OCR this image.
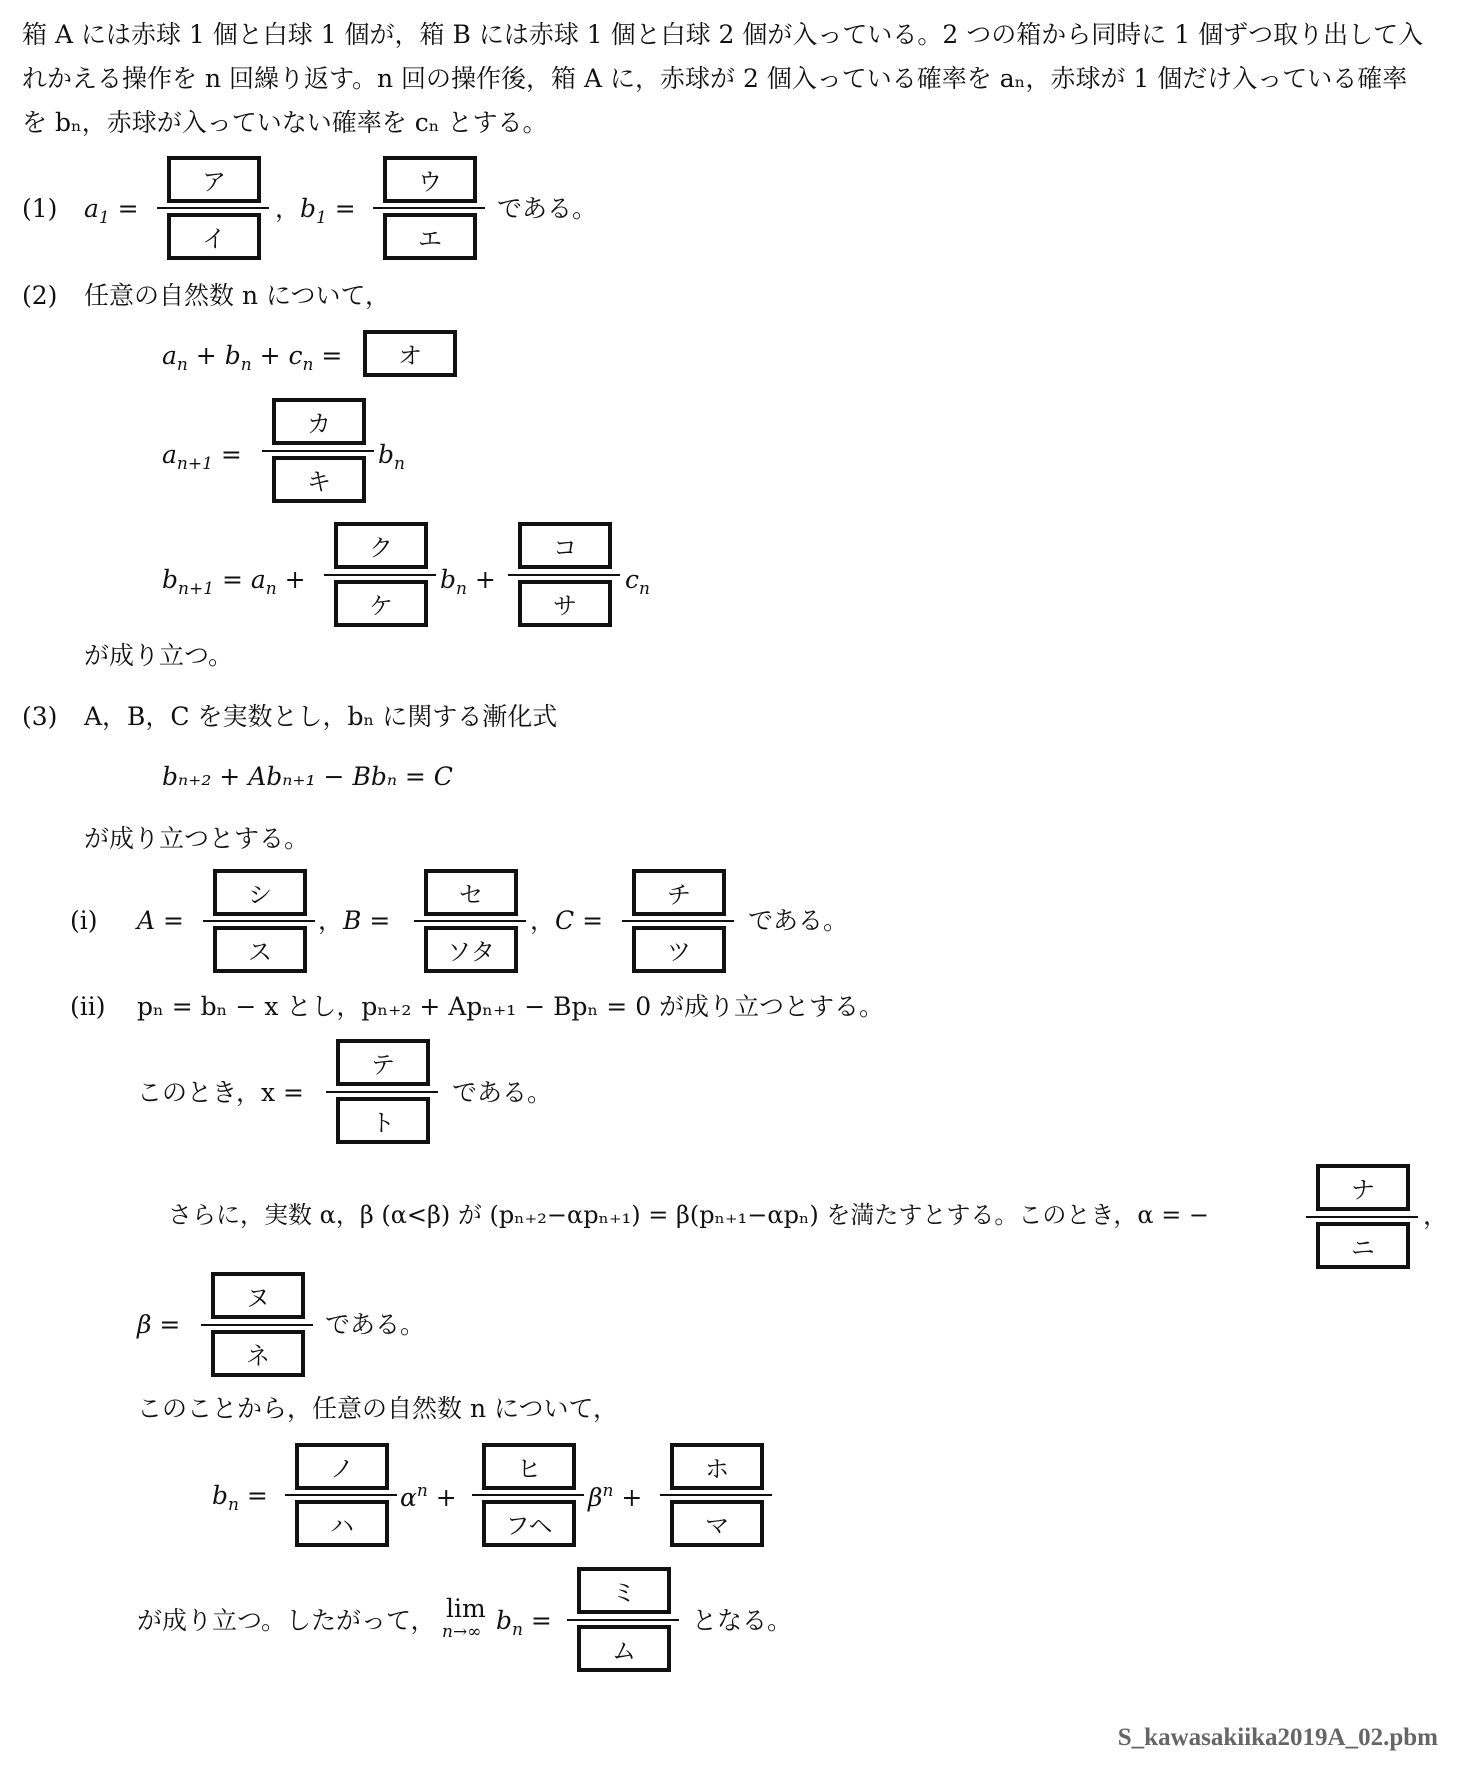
箱 A には赤球 1 個と白球 1 個が，箱 B には赤球 1 個と白球 2 個が入っている。2 つの箱から同時に 1 個ずつ取り出して入
れかえる操作を n 回繰り返す。n 回の操作後，箱 A に，赤球が 2 個入っている確率を aₙ，赤球が 1 個だけ入っている確率
を bₙ，赤球が入っていない確率を cₙ とする。
(1) $a_1$ =
ア
イ
，$b_1$ =
ウ
エ
である。
(2) 任意の自然数 n について，
$a_n + b_n + c_n$ =	オ
$a_{n+1}$ =
カ
キ
$b_n$
$b_{n+1} = a_n$ +
ク
ケ
$b_n$ +
コ
サ
$c_n$
が成り立つ。
(3) A，B，C を実数とし，bₙ に関する漸化式
bₙ₊₂ + Abₙ₊₁ − Bbₙ = C
が成り立つとする。
(i) A =
シ
ス
，B =
セ
ソタ
，C =
チ
ツ
である。
(ii) pₙ = bₙ − x とし，pₙ₊₂ + Apₙ₊₁ − Bpₙ = 0 が成り立つとする。
このとき，x =
テ
ト
である。
さらに，実数 α，β (α<β) が (pₙ₊₂−αpₙ₊₁) = β(pₙ₊₁−αpₙ) を満たすとする。このとき，α = −
ナ
ニ
，
β =
ヌ
ネ
である。
このことから，任意の自然数 n について，
$b_n$ =
ノ
ハ
$\alpha^n$ +
ヒ
フヘ
$\beta^n$ +
ホ
マ
が成り立つ。したがって， lim
n→∞ $b_n$ =
ミ
ム
となる。
S_kawasakiika2019A_02.pbm
